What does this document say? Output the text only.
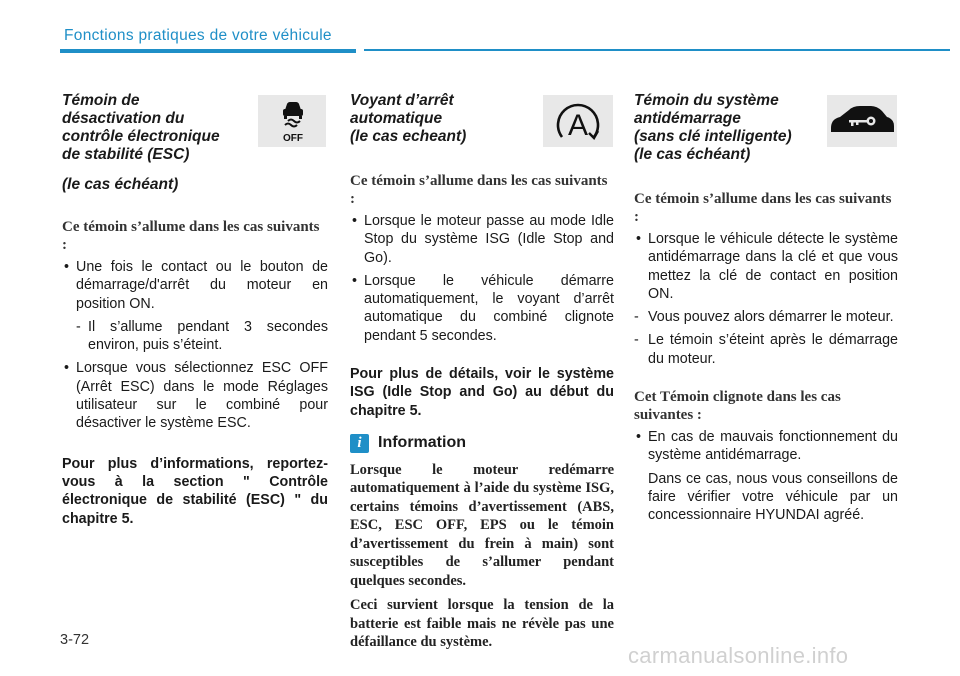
Fonctions pratiques de votre véhicule
OFF	A
Témoin de
désactivation du
contrôle électronique
de stabilité (ESC)
(le cas échéant)

Ce témoin s’allume dans les cas suivants :

• Une fois le contact ou le bouton de démarrage/d'arrêt du moteur en position ON.
- Il s’allume pendant 3 secondes environ, puis s’éteint.
• Lorsque vous sélectionnez ESC OFF (Arrêt ESC) dans le mode Réglages utilisateur sur le combiné pour désactiver le système ESC.

Pour plus d’informations, reportez-vous à la section " Contrôle électronique de stabilité (ESC) " du chapitre 5.

Voyant d’arrêt
automatique
(le cas echeant)

Ce témoin s’allume dans les cas suivants :

• Lorsque le moteur passe au mode Idle Stop du système ISG (Idle Stop and Go).
• Lorsque le véhicule démarre automatiquement, le voyant d’arrêt automatique du combiné clignote pendant 5 secondes.

Pour plus de détails, voir le système ISG (Idle Stop and Go) au début du chapitre 5.

i	Information

Lorsque le moteur redémarre automatiquement à l’aide du système ISG, certains témoins d’avertissement (ABS, ESC, ESC OFF, EPS ou le témoin d’avertissement du frein à main) sont susceptibles de s’allumer pendant quelques secondes.

Ceci survient lorsque la tension de la batterie est faible mais ne révèle pas une défaillance du système.

Témoin du système
antidémarrage
(sans clé intelligente)
(le cas échéant)

Ce témoin s’allume dans les cas suivants :

• Lorsque le véhicule détecte le système antidémarrage dans la clé et que vous mettez la clé de contact en position ON.
- Vous pouvez alors démarrer le moteur.
- Le témoin s’éteint après le démarrage du moteur.

Cet Témoin clignote dans les cas suivantes :

• En cas de mauvais fonctionnement du système antidémarrage.
Dans ce cas, nous vous conseillons de faire vérifier votre véhicule par un concessionnaire HYUNDAI agréé.
3-72
carmanualsonline.info
